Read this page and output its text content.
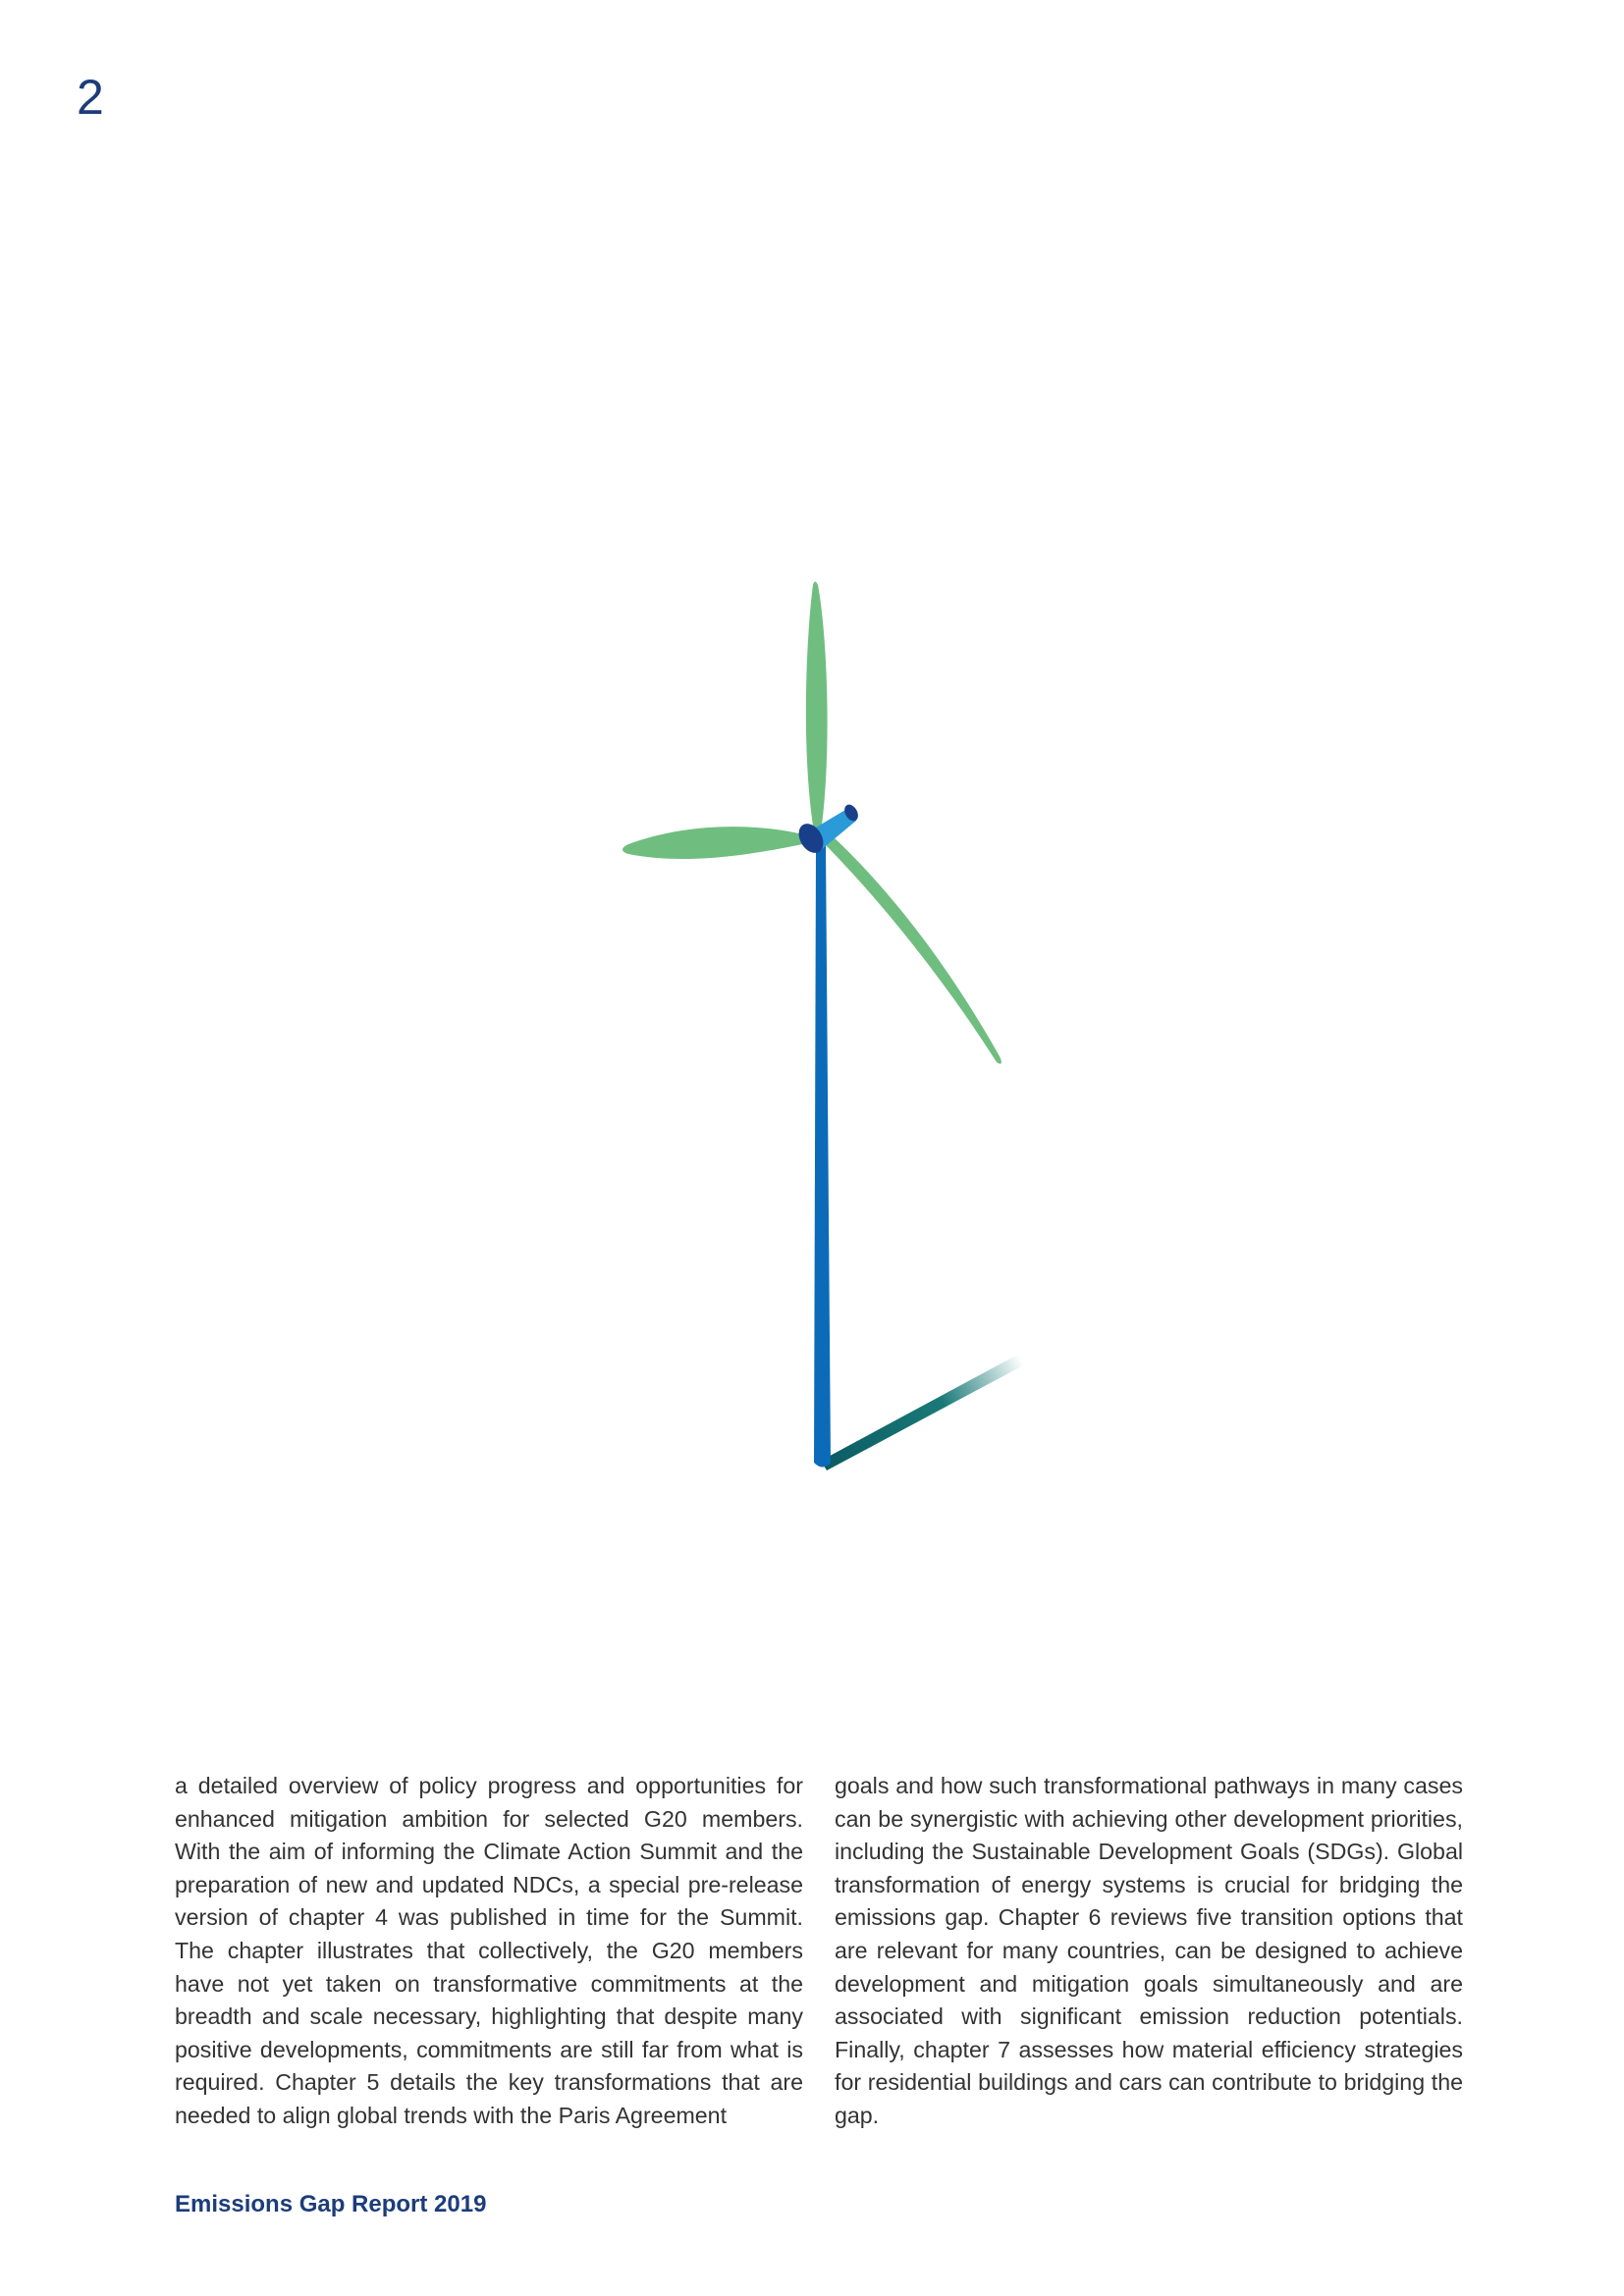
2

a detailed overview of policy progress and opportunities for enhanced mitigation ambition for selected G20 members. With the aim of informing the Climate Action Summit and the preparation of new and updated NDCs, a special pre-release version of chapter 4 was published in time for the Summit. The chapter illustrates that collectively, the G20 members have not yet taken on transformative commitments at the breadth and scale necessary, highlighting that despite many positive developments, commitments are still far from what is required. Chapter 5 details the key transformations that are needed to align global trends with the Paris Agreement

goals and how such transformational pathways in many cases can be synergistic with achieving other development priorities, including the Sustainable Development Goals (SDGs). Global transformation of energy systems is crucial for bridging the emissions gap. Chapter 6 reviews five transition options that are relevant for many countries, can be designed to achieve development and mitigation goals simultaneously and are associated with significant emission reduction potentials. Finally, chapter 7 assesses how material efficiency strategies for residential buildings and cars can contribute to bridging the gap.

Emissions Gap Report 2019
